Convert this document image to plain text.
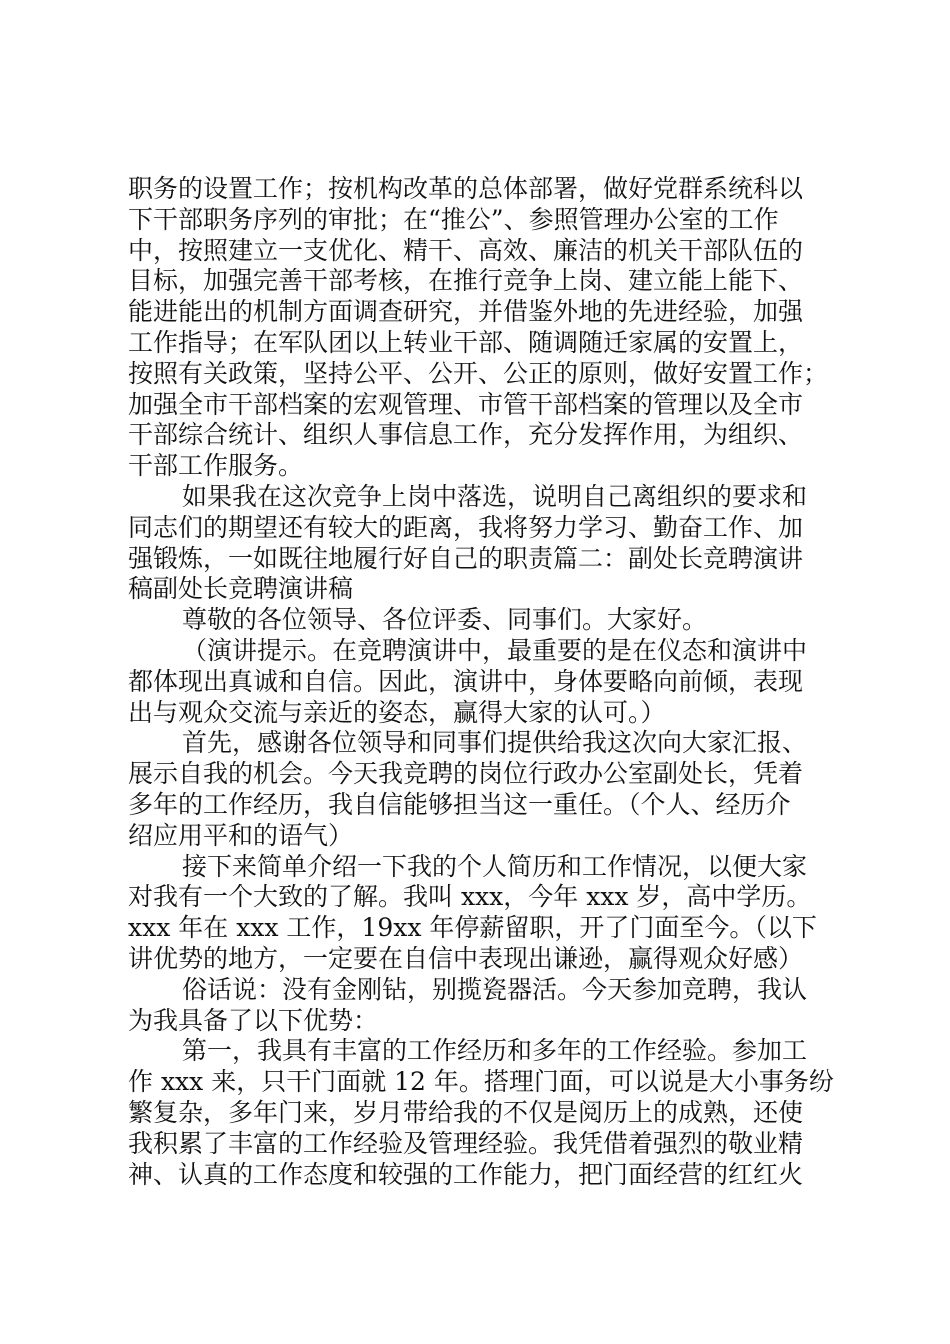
职务的设置工作；按机构改革的总体部署，做好党群系统科以
下干部职务序列的审批；在“推公”、参照管理办公室的工作
中，按照建立一支优化、精干、高效、廉洁的机关干部队伍的
目标，加强完善干部考核，在推行竞争上岗、建立能上能下、
能进能出的机制方面调查研究，并借鉴外地的先进经验，加强
工作指导；在军队团以上转业干部、随调随迁家属的安置上，
按照有关政策，坚持公平、公开、公正的原则，做好安置工作；
加强全市干部档案的宏观管理、市管干部档案的管理以及全市
干部综合统计、组织人事信息工作，充分发挥作用，为组织、
干部工作服务。
如果我在这次竞争上岗中落选，说明自己离组织的要求和
同志们的期望还有较大的距离，我将努力学习、勤奋工作、加
强锻炼，一如既往地履行好自己的职责篇二：副处长竞聘演讲
稿副处长竞聘演讲稿
尊敬的各位领导、各位评委、同事们。大家好。
（演讲提示。在竞聘演讲中，最重要的是在仪态和演讲中
都体现出真诚和自信。因此，演讲中，身体要略向前倾，表现
出与观众交流与亲近的姿态，赢得大家的认可。）
首先，感谢各位领导和同事们提供给我这次向大家汇报、
展示自我的机会。今天我竞聘的岗位行政办公室副处长，凭着
多年的工作经历，我自信能够担当这一重任。（个人、经历介
绍应用平和的语气）
接下来简单介绍一下我的个人简历和工作情况，以便大家
对我有一个大致的了解。我叫 xxx，今年 xxx 岁，高中学历。
xxx 年在 xxx 工作，19xx 年停薪留职，开了门面至今。（以下
讲优势的地方，一定要在自信中表现出谦逊，赢得观众好感）
俗话说：没有金刚钻，别揽瓷器活。今天参加竞聘，我认
为我具备了以下优势：
第一，我具有丰富的工作经历和多年的工作经验。参加工
作 xxx 来，只干门面就 12 年。搭理门面，可以说是大小事务纷
繁复杂，多年门来，岁月带给我的不仅是阅历上的成熟，还使
我积累了丰富的工作经验及管理经验。我凭借着强烈的敬业精
神、认真的工作态度和较强的工作能力，把门面经营的红红火
